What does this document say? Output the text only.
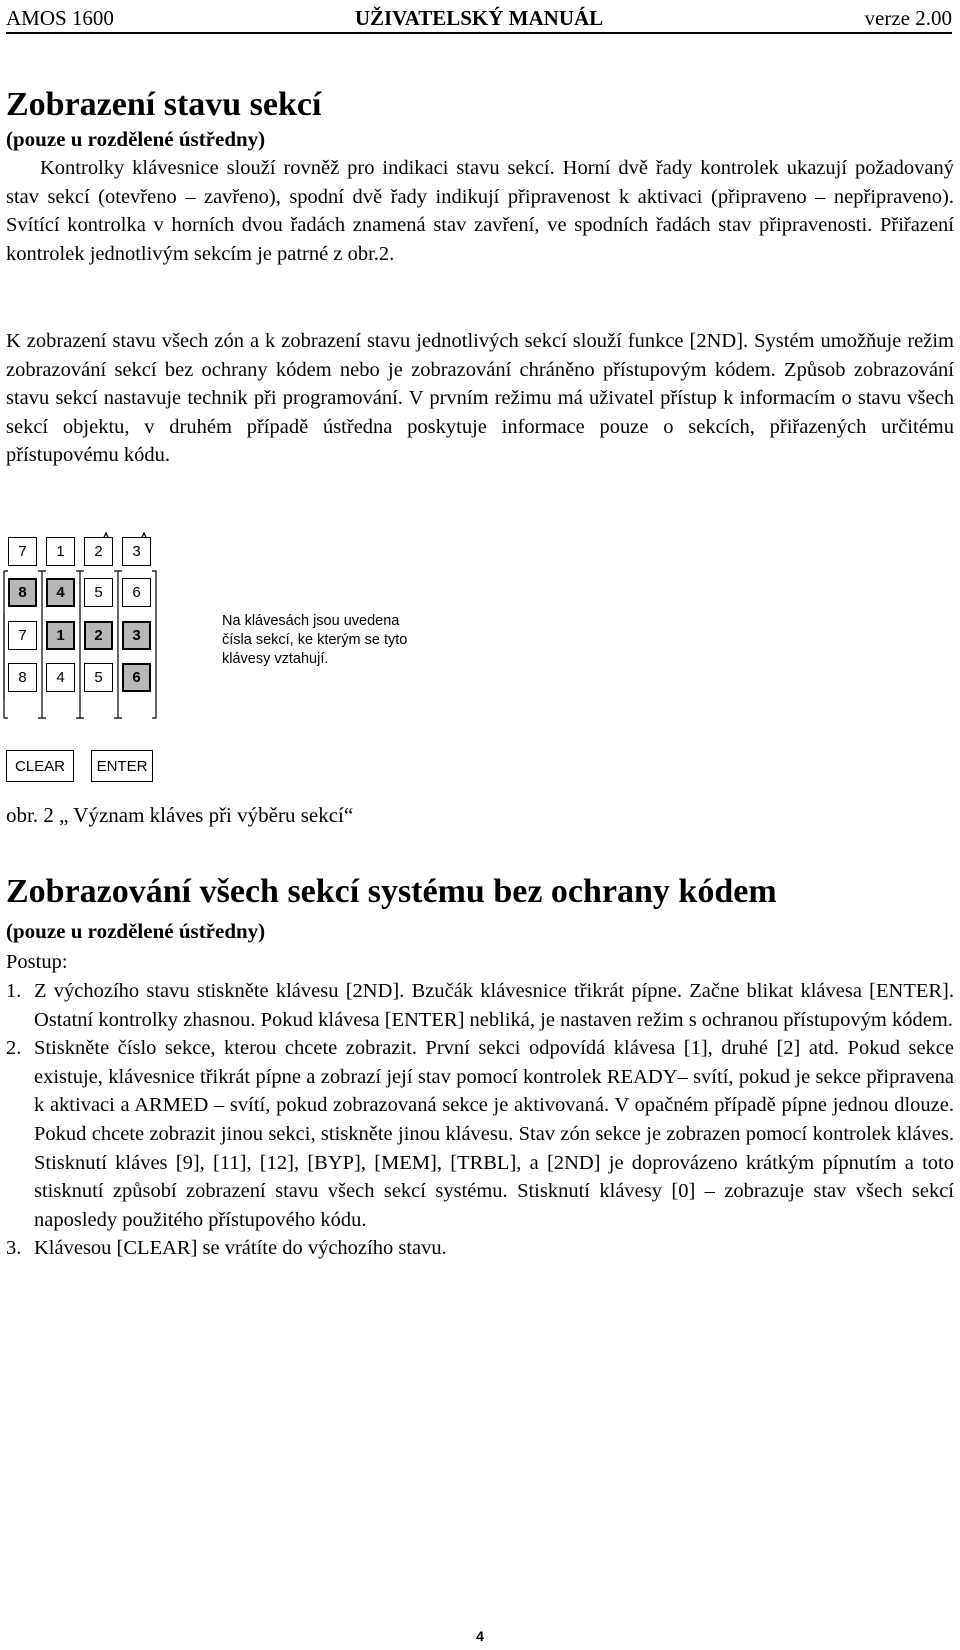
AMOS 1600	UŽIVATELSKÝ MANUÁL	verze 2.00
Zobrazení stavu sekcí
(pouze u rozdělené ústředny)
Kontrolky klávesnice slouží rovněž pro indikaci stavu sekcí. Horní dvě řady kontrolek ukazují požadovaný stav sekcí (otevřeno – zavřeno), spodní dvě řady indikují připravenost k aktivaci (připraveno – nepřipraveno). Svítící kontrolka v horních dvou řadách znamená stav zavření, ve spodních řadách stav připravenosti. Přiřazení kontrolek jednotlivým sekcím je patrné z obr.2.
K zobrazení stavu všech zón a k zobrazení stavu jednotlivých sekcí slouží funkce [2ND]. Systém umožňuje režim zobrazování sekcí bez ochrany kódem nebo je zobrazování chráněno přístupovým kódem. Způsob zobrazování stavu sekcí nastavuje technik při programování. V prvním režimu má uživatel přístup k informacím o stavu všech sekcí objektu, v druhém případě ústředna poskytuje informace pouze o sekcích, přiřazených určitému přístupovému kódu.
7	1	2	3
8	4	5	6
7	1	2	3
8	4	5	6
CLEAR	ENTER
Na klávesách jsou uvedena čísla sekcí, ke kterým se tyto klávesy vztahují.
obr. 2 „ Význam kláves při výběru sekcí“
Zobrazování všech sekcí systému bez ochrany kódem
(pouze u rozdělené ústředny)
Postup:
1. Z výchozího stavu stiskněte klávesu [2ND]. Bzučák klávesnice třikrát pípne. Začne blikat klávesa [ENTER]. Ostatní kontrolky zhasnou. Pokud klávesa [ENTER] nebliká, je nastaven režim s ochranou přístupovým kódem.
2. Stiskněte číslo sekce, kterou chcete zobrazit. První sekci odpovídá klávesa [1], druhé [2] atd. Pokud sekce existuje, klávesnice třikrát pípne a zobrazí její stav pomocí kontrolek READY– svítí, pokud je sekce připravena k aktivaci a ARMED – svítí, pokud zobrazovaná sekce je aktivovaná. V opačném případě pípne jednou dlouze. Pokud chcete zobrazit jinou sekci, stiskněte jinou klávesu. Stav zón sekce je zobrazen pomocí kontrolek kláves. Stisknutí kláves [9], [11], [12], [BYP], [MEM], [TRBL], a [2ND] je doprovázeno krátkým pípnutím a toto stisknutí způsobí zobrazení stavu všech sekcí systému. Stisknutí klávesy [0] – zobrazuje stav všech sekcí naposledy použitého přístupového kódu.
3. Klávesou [CLEAR] se vrátíte do výchozího stavu.
4
